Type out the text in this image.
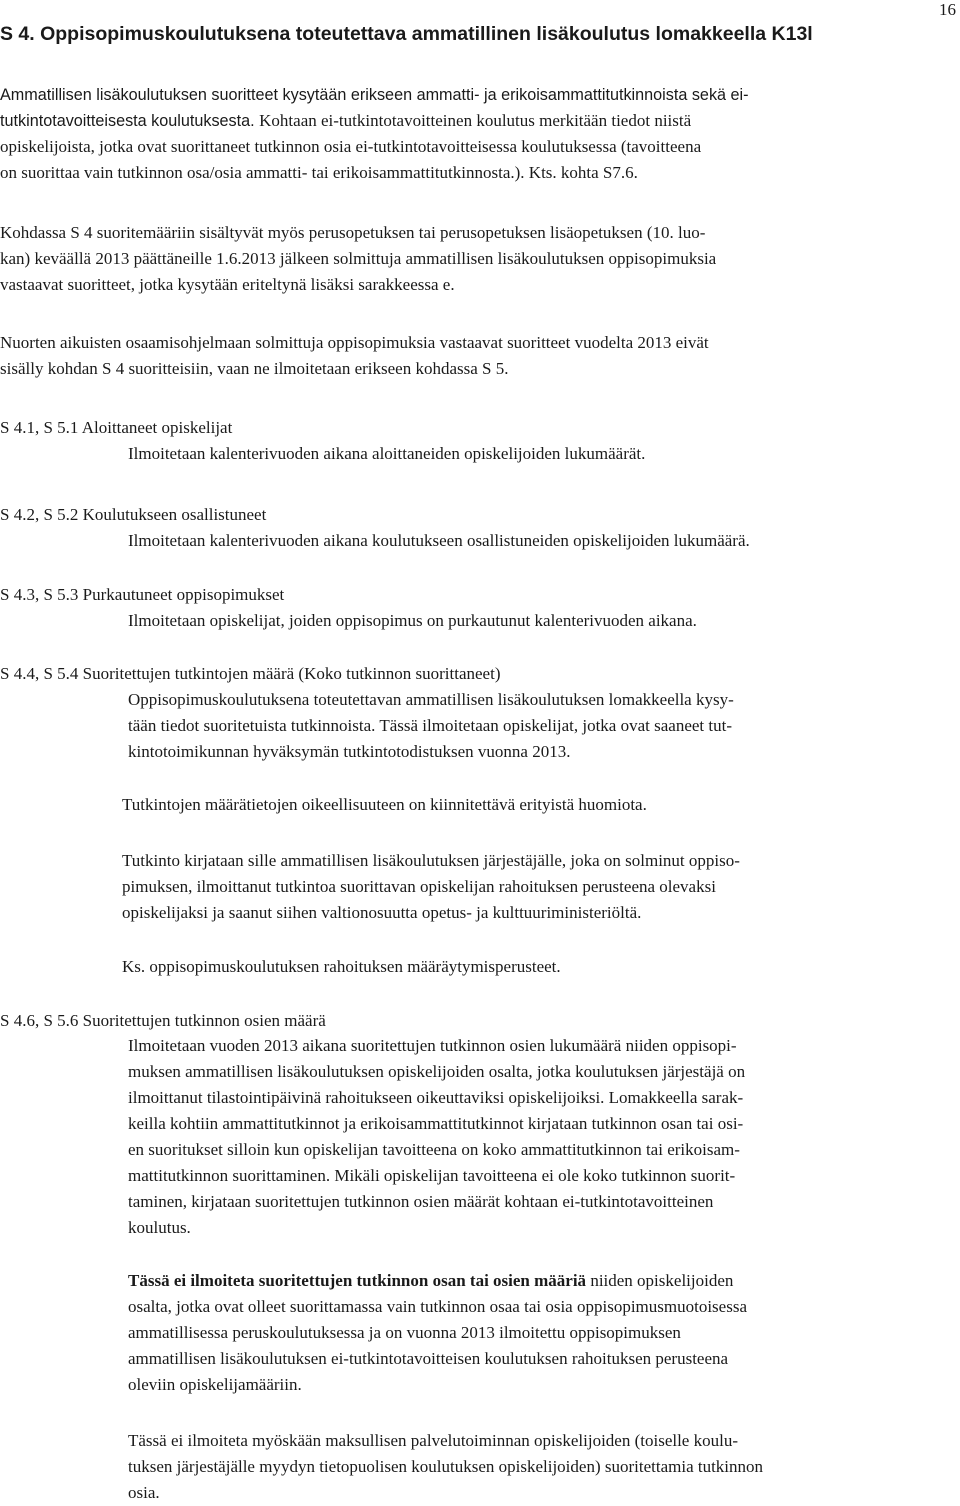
16
S 4. Oppisopimuskoulutuksena toteutettava ammatillinen lisäkoulutus lomakkeella K13l
Ammatillisen lisäkoulutuksen suoritteet kysytään erikseen ammatti- ja erikoisammattitutkinnoista sekä ei-
tutkintotavoitteisesta koulutuksesta. Kohtaan ei-tutkintotavoitteinen koulutus merkitään tiedot niistä
opiskelijoista, jotka ovat suorittaneet tutkinnon osia ei-tutkintotavoitteisessa koulutuksessa (tavoitteena
on suorittaa vain tutkinnon osa/osia ammatti- tai erikoisammattitutkinnosta.). Kts. kohta S7.6.
Kohdassa S 4 suoritemääriin sisältyvät myös perusopetuksen tai perusopetuksen lisäopetuksen (10. luo-
kan) keväällä 2013 päättäneille 1.6.2013 jälkeen solmittuja ammatillisen lisäkoulutuksen oppisopimuksia
vastaavat suoritteet, jotka kysytään eriteltynä lisäksi sarakkeessa e.
Nuorten aikuisten osaamisohjelmaan solmittuja oppisopimuksia vastaavat suoritteet vuodelta 2013 eivät
sisälly kohdan S 4 suoritteisiin, vaan ne ilmoitetaan erikseen kohdassa S 5.
S 4.1, S 5.1 Aloittaneet opiskelijat
Ilmoitetaan kalenterivuoden aikana aloittaneiden opiskelijoiden lukumäärät.
S 4.2, S 5.2 Koulutukseen osallistuneet
Ilmoitetaan kalenterivuoden aikana koulutukseen osallistuneiden opiskelijoiden lukumäärä.
S 4.3, S 5.3 Purkautuneet oppisopimukset
Ilmoitetaan opiskelijat, joiden oppisopimus on purkautunut kalenterivuoden aikana.
S 4.4, S 5.4 Suoritettujen tutkintojen määrä (Koko tutkinnon suorittaneet)
Oppisopimuskoulutuksena toteutettavan ammatillisen lisäkoulutuksen lomakkeella kysy-
tään tiedot suoritetuista tutkinnoista. Tässä ilmoitetaan opiskelijat, jotka ovat saaneet tut-
kintotoimikunnan hyväksymän tutkintotodistuksen vuonna 2013.
Tutkintojen määrätietojen oikeellisuuteen on kiinnitettävä erityistä huomiota.
Tutkinto kirjataan sille ammatillisen lisäkoulutuksen järjestäjälle, joka on solminut oppiso-
pimuksen, ilmoittanut tutkintoa suorittavan opiskelijan rahoituksen perusteena olevaksi
opiskelijaksi ja saanut siihen valtionosuutta opetus- ja kulttuuriministeriöltä.
Ks. oppisopimuskoulutuksen rahoituksen määräytymisperusteet.
S 4.6, S 5.6 Suoritettujen tutkinnon osien määrä
Ilmoitetaan vuoden 2013 aikana suoritettujen tutkinnon osien lukumäärä niiden oppisopi-
muksen ammatillisen lisäkoulutuksen opiskelijoiden osalta, jotka koulutuksen järjestäjä on
ilmoittanut tilastointipäivinä rahoitukseen oikeuttaviksi opiskelijoiksi. Lomakkeella sarak-
keilla kohtiin ammattitutkinnot ja erikoisammattitutkinnot kirjataan tutkinnon osan tai osi-
en suoritukset silloin kun opiskelijan tavoitteena on koko ammattitutkinnon tai erikoisam-
mattitutkinnon suorittaminen. Mikäli opiskelijan tavoitteena ei ole koko tutkinnon suorit-
taminen, kirjataan suoritettujen tutkinnon osien määrät kohtaan ei-tutkintotavoitteinen
koulutus.
Tässä ei ilmoiteta suoritettujen tutkinnon osan tai osien määriä niiden opiskelijoiden
osalta, jotka ovat olleet suorittamassa vain tutkinnon osaa tai osia oppisopimusmuotoisessa
ammatillisessa peruskoulutuksessa ja on vuonna 2013 ilmoitettu oppisopimuksen
ammatillisen lisäkoulutuksen ei-tutkintotavoitteisen koulutuksen rahoituksen perusteena
oleviin opiskelijamääriin.
Tässä ei ilmoiteta myöskään maksullisen palvelutoiminnan opiskelijoiden (toiselle koulu-
tuksen järjestäjälle myydyn tietopuolisen koulutuksen opiskelijoiden) suoritettamia tutkinnon
osia.
